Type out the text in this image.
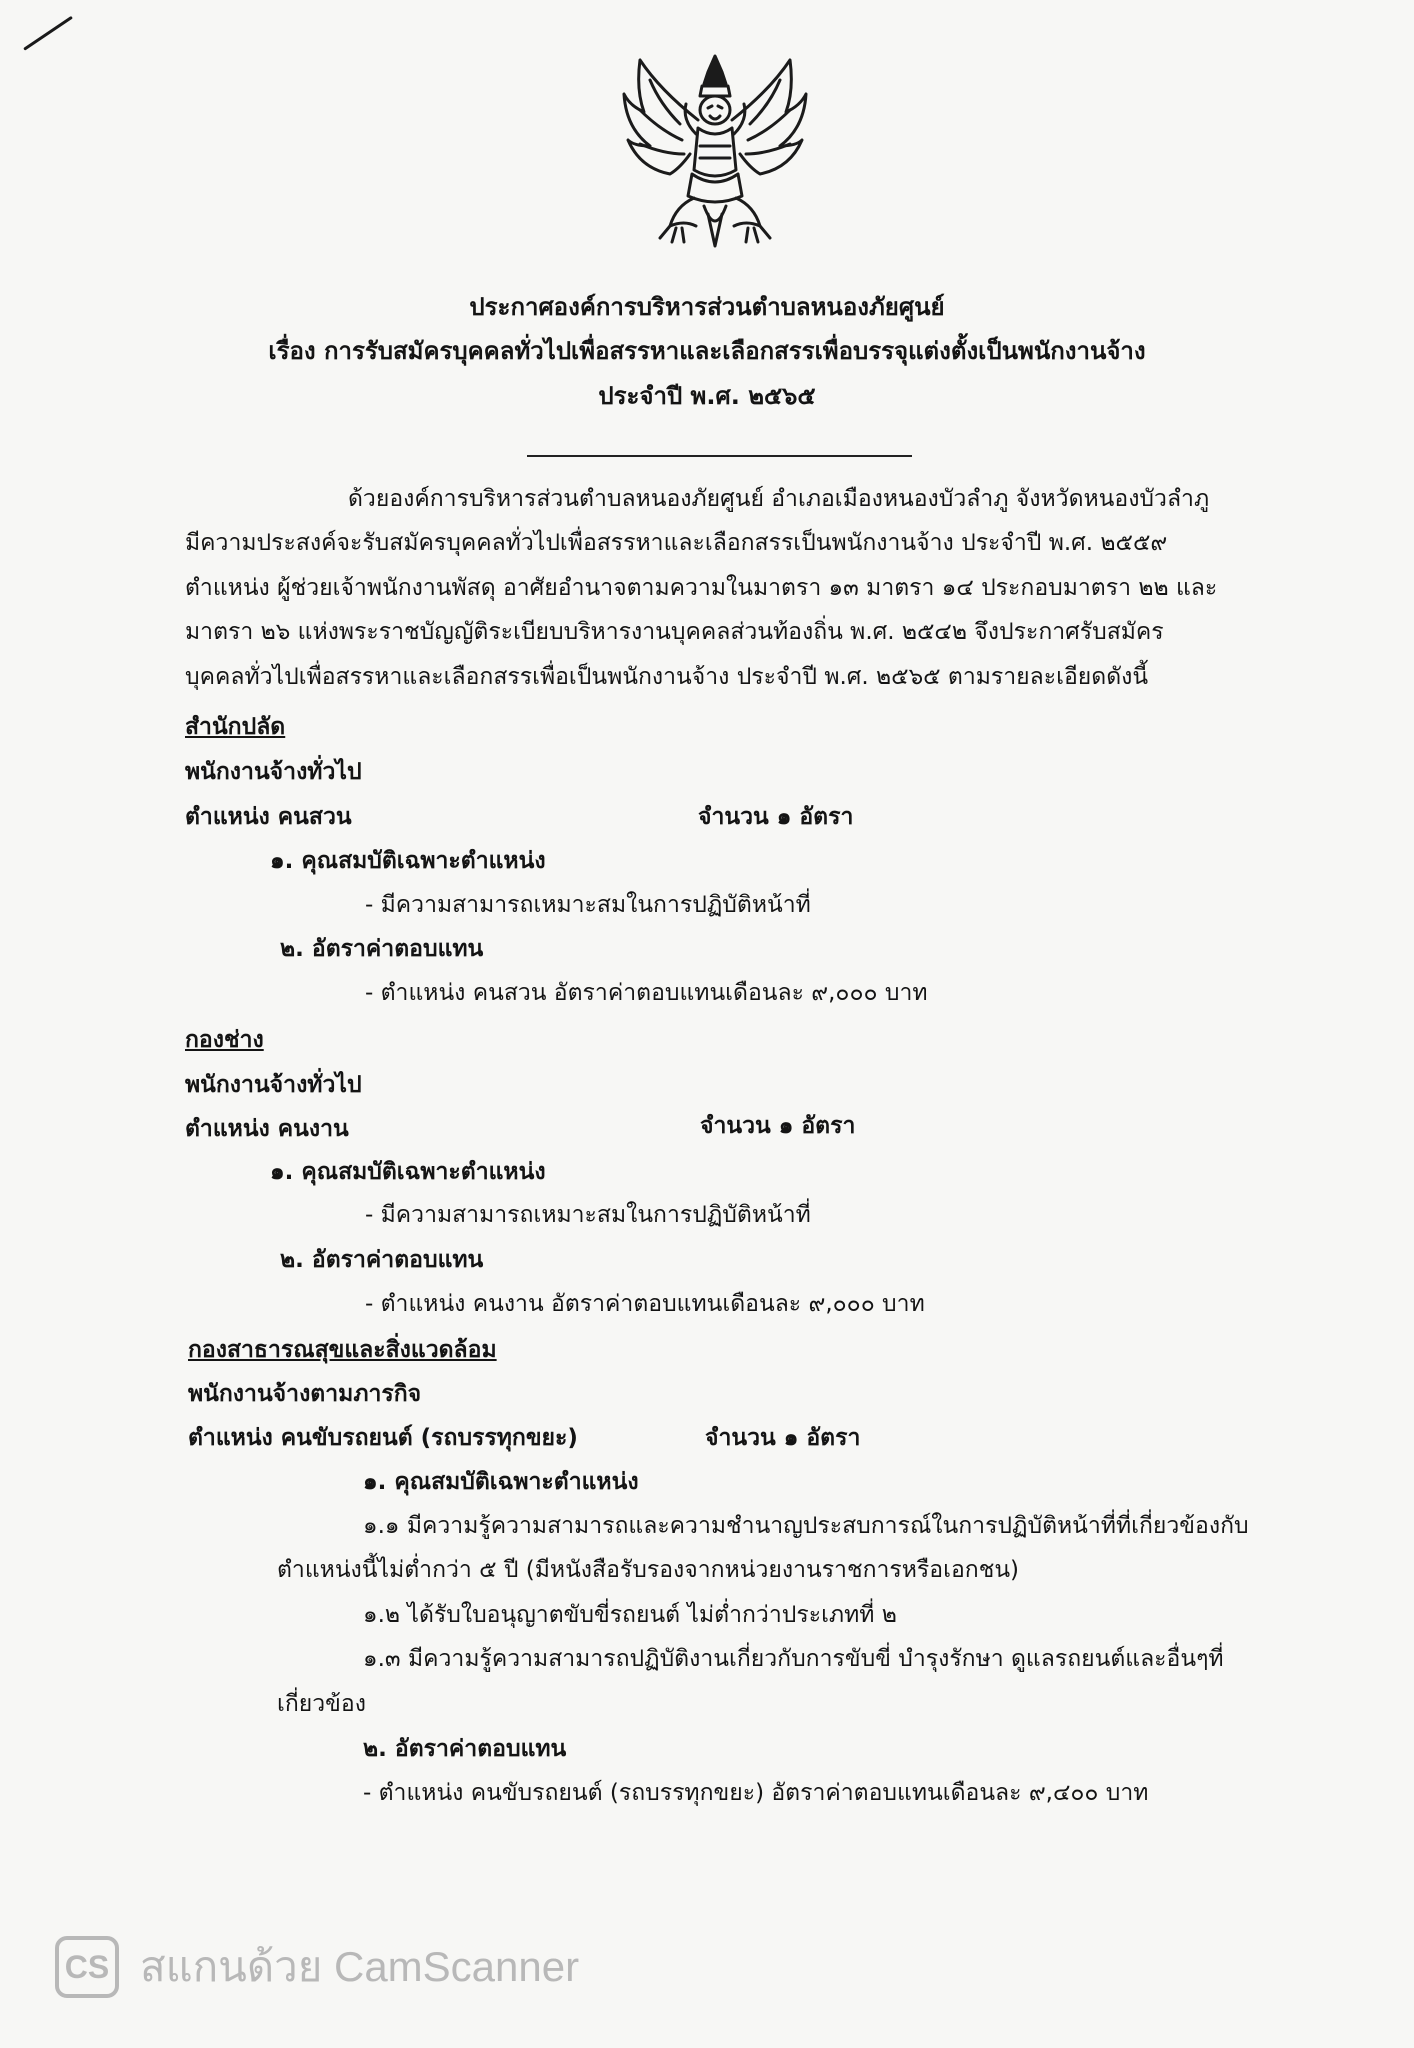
ประกาศองค์การบริหารส่วนตำบลหนองภัยศูนย์
เรื่อง การรับสมัครบุคคลทั่วไปเพื่อสรรหาและเลือกสรรเพื่อบรรจุแต่งตั้งเป็นพนักงานจ้าง
ประจำปี พ.ศ. ๒๕๖๕
ด้วยองค์การบริหารส่วนตำบลหนองภัยศูนย์ อำเภอเมืองหนองบัวลำภู จังหวัดหนองบัวลำภู
มีความประสงค์จะรับสมัครบุคคลทั่วไปเพื่อสรรหาและเลือกสรรเป็นพนักงานจ้าง ประจำปี พ.ศ. ๒๕๕๙
ตำแหน่ง ผู้ช่วยเจ้าพนักงานพัสดุ อาศัยอำนาจตามความในมาตรา ๑๓ มาตรา ๑๔ ประกอบมาตรา ๒๒ และ
มาตรา ๒๖ แห่งพระราชบัญญัติระเบียบบริหารงานบุคคลส่วนท้องถิ่น พ.ศ. ๒๕๔๒ จึงประกาศรับสมัคร
บุคคลทั่วไปเพื่อสรรหาและเลือกสรรเพื่อเป็นพนักงานจ้าง ประจำปี พ.ศ. ๒๕๖๕ ตามรายละเอียดดังนี้
สำนักปลัด
พนักงานจ้างทั่วไป
ตำแหน่ง คนสวน	จำนวน ๑ อัตรา
๑. คุณสมบัติเฉพาะตำแหน่ง
- มีความสามารถเหมาะสมในการปฏิบัติหน้าที่
๒. อัตราค่าตอบแทน
- ตำแหน่ง คนสวน อัตราค่าตอบแทนเดือนละ ๙,๐๐๐ บาท
กองช่าง
พนักงานจ้างทั่วไป
ตำแหน่ง คนงาน	จำนวน ๑ อัตรา
๑. คุณสมบัติเฉพาะตำแหน่ง
- มีความสามารถเหมาะสมในการปฏิบัติหน้าที่
๒. อัตราค่าตอบแทน
- ตำแหน่ง คนงาน อัตราค่าตอบแทนเดือนละ ๙,๐๐๐ บาท
กองสาธารณสุขและสิ่งแวดล้อม
พนักงานจ้างตามภารกิจ
ตำแหน่ง คนขับรถยนต์ (รถบรรทุกขยะ)	จำนวน ๑ อัตรา
๑. คุณสมบัติเฉพาะตำแหน่ง
๑.๑ มีความรู้ความสามารถและความชำนาญประสบการณ์ในการปฏิบัติหน้าที่ที่เกี่ยวข้องกับ
ตำแหน่งนี้ไม่ต่ำกว่า ๕ ปี (มีหนังสือรับรองจากหน่วยงานราชการหรือเอกชน)
๑.๒ ได้รับใบอนุญาตขับขี่รถยนต์ ไม่ต่ำกว่าประเภทที่ ๒
๑.๓ มีความรู้ความสามารถปฏิบัติงานเกี่ยวกับการขับขี่ บำรุงรักษา ดูแลรถยนต์และอื่นๆที่
เกี่ยวข้อง
๒. อัตราค่าตอบแทน
- ตำแหน่ง คนขับรถยนต์ (รถบรรทุกขยะ) อัตราค่าตอบแทนเดือนละ ๙,๔๐๐ บาท
CS สแกนด้วย CamScanner
